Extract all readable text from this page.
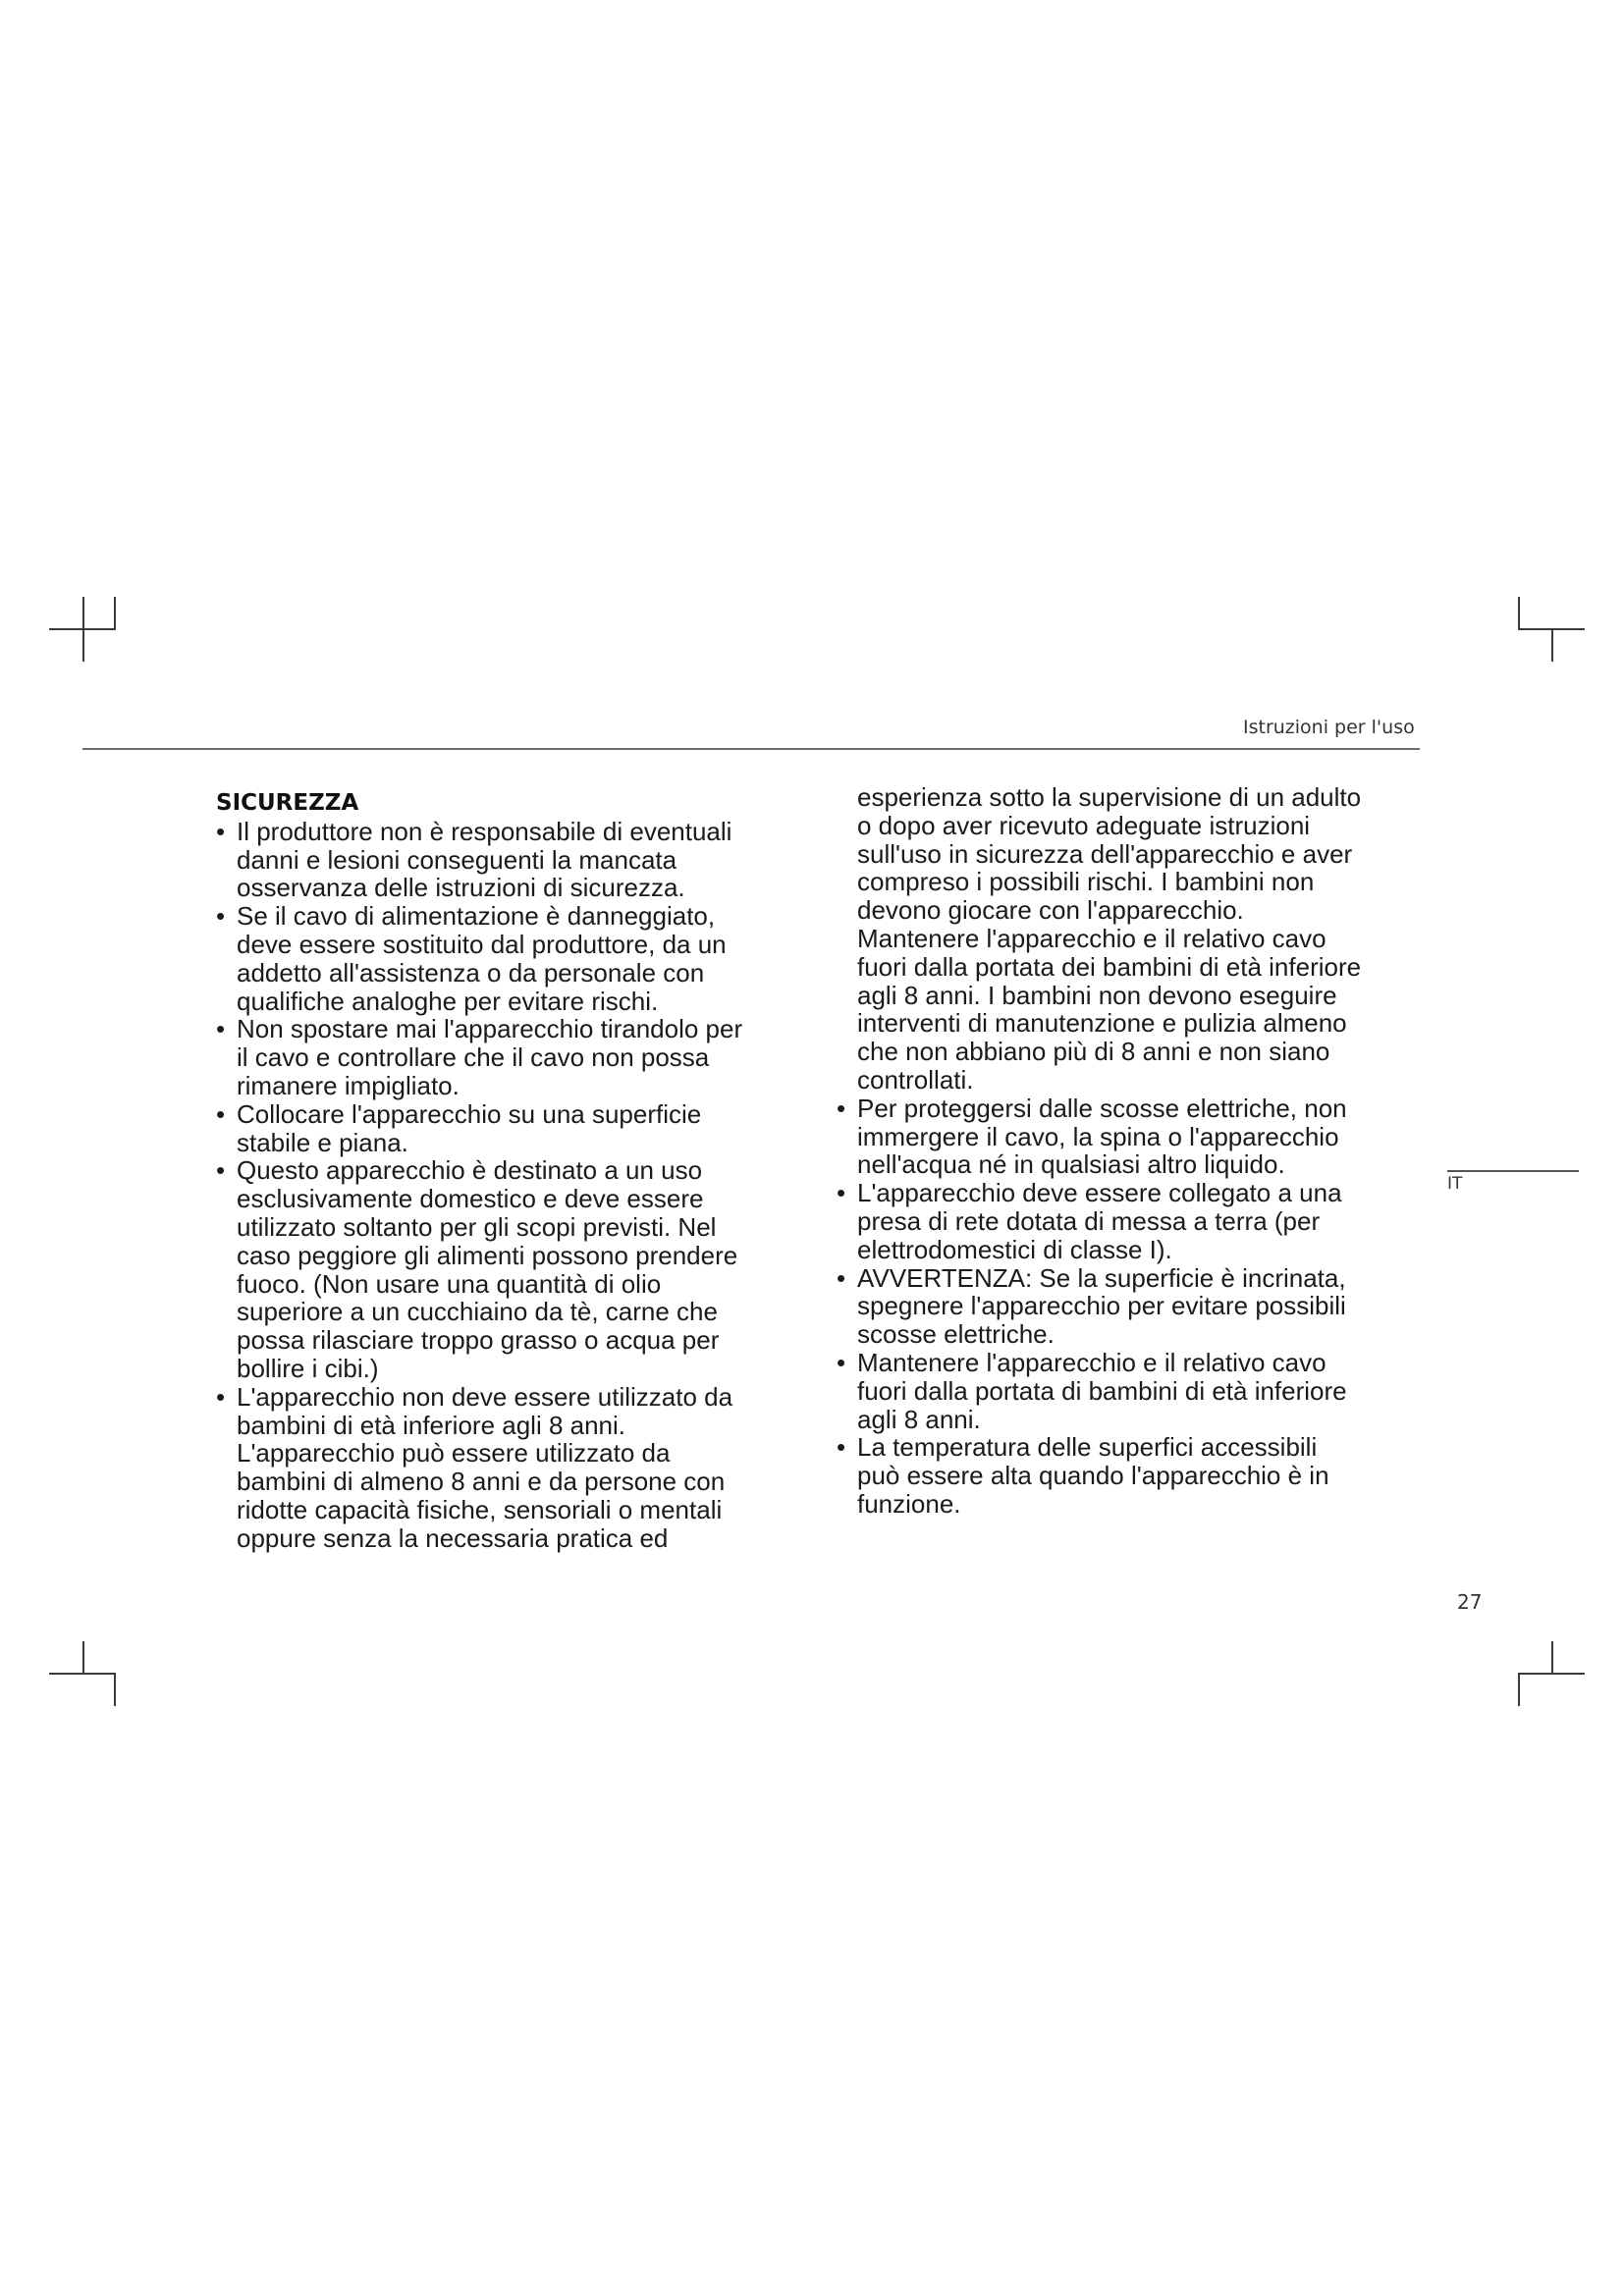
Istruzioni per l'uso
SICUREZZA
• Il produttore non è responsabile di eventuali
danni e lesioni conseguenti la mancata
osservanza delle istruzioni di sicurezza.
• Se il cavo di alimentazione è danneggiato,
deve essere sostituito dal produttore, da un
addetto all'assistenza o da personale con
qualifiche analoghe per evitare rischi.
• Non spostare mai l'apparecchio tirandolo per
il cavo e controllare che il cavo non possa
rimanere impigliato.
• Collocare l'apparecchio su una superficie
stabile e piana.
• Questo apparecchio è destinato a un uso
esclusivamente domestico e deve essere
utilizzato soltanto per gli scopi previsti. Nel
caso peggiore gli alimenti possono prendere
fuoco. (Non usare una quantità di olio
superiore a un cucchiaino da tè, carne che
possa rilasciare troppo grasso o acqua per
bollire i cibi.)
• L'apparecchio non deve essere utilizzato da
bambini di età inferiore agli 8 anni.
L'apparecchio può essere utilizzato da
bambini di almeno 8 anni e da persone con
ridotte capacità fisiche, sensoriali o mentali
oppure senza la necessaria pratica ed
esperienza sotto la supervisione di un adulto
o dopo aver ricevuto adeguate istruzioni
sull'uso in sicurezza dell'apparecchio e aver
compreso i possibili rischi. I bambini non
devono giocare con l'apparecchio.
Mantenere l'apparecchio e il relativo cavo
fuori dalla portata dei bambini di età inferiore
agli 8 anni. I bambini non devono eseguire
interventi di manutenzione e pulizia almeno
che non abbiano più di 8 anni e non siano
controllati.
• Per proteggersi dalle scosse elettriche, non
immergere il cavo, la spina o l'apparecchio
nell'acqua né in qualsiasi altro liquido.
• L'apparecchio deve essere collegato a una
presa di rete dotata di messa a terra (per
elettrodomestici di classe I).
• AVVERTENZA: Se la superficie è incrinata,
spegnere l'apparecchio per evitare possibili
scosse elettriche.
• Mantenere l'apparecchio e il relativo cavo
fuori dalla portata di bambini di età inferiore
agli 8 anni.
• La temperatura delle superfici accessibili
può essere alta quando l'apparecchio è in
funzione.
IT
27
